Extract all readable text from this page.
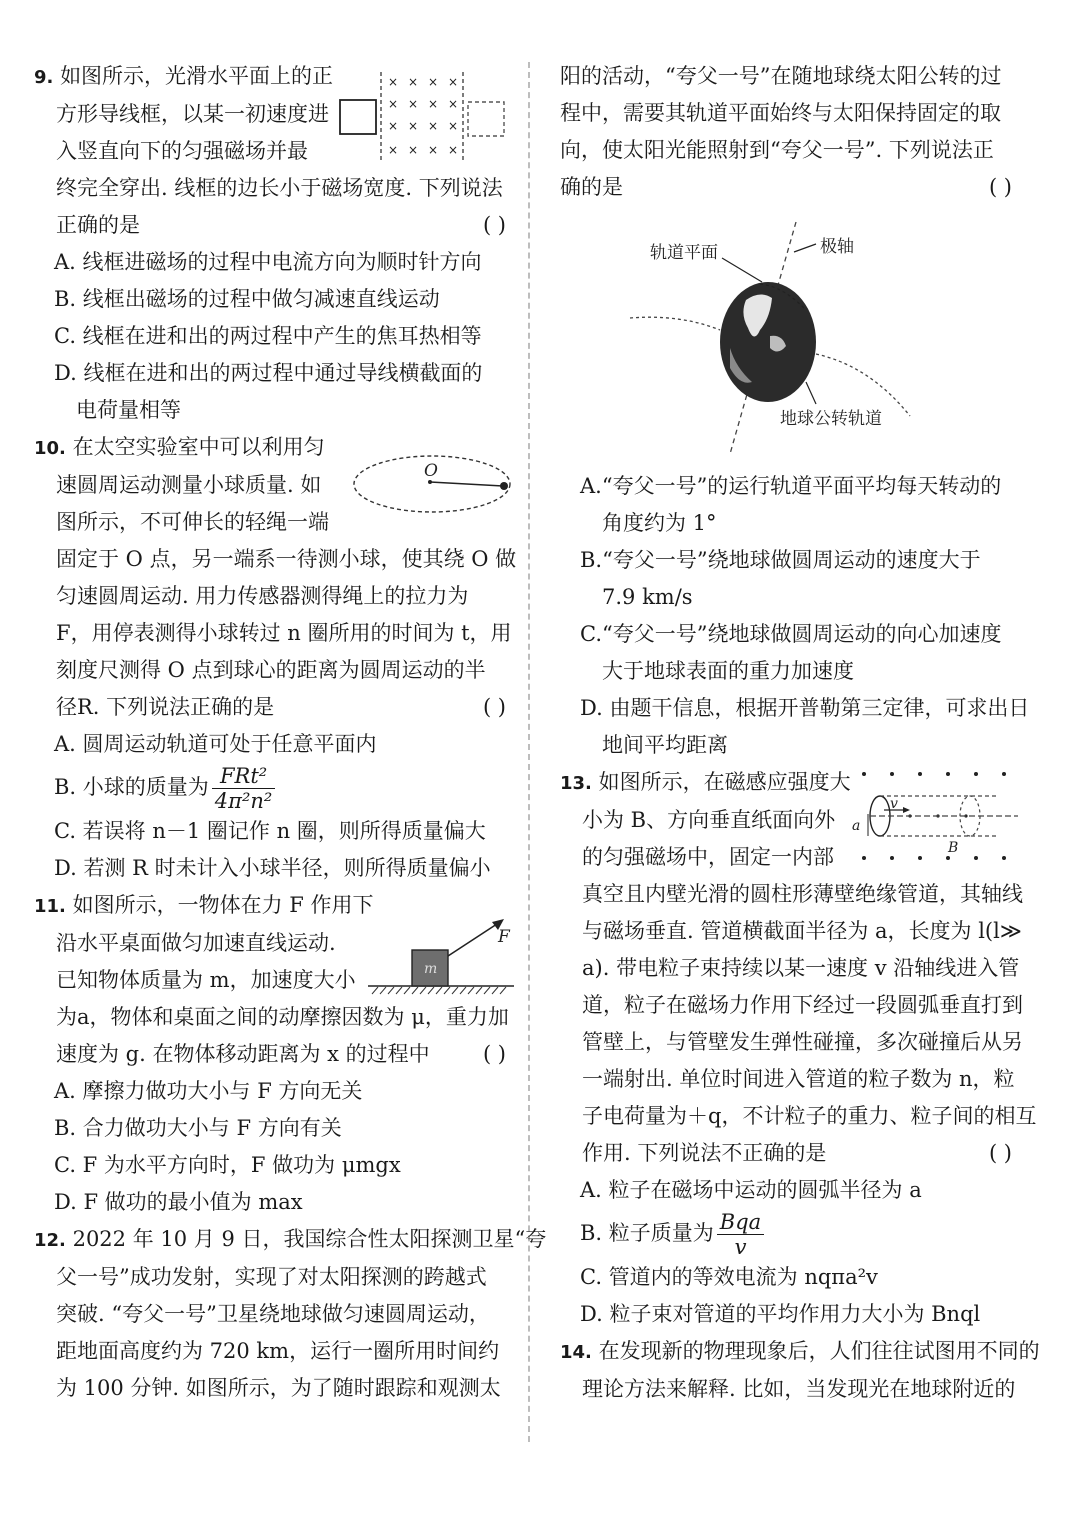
9. 如图所示，光滑水平面上的正
方形导线框，以某一初速度进
入竖直向下的匀强磁场并最
终完全穿出. 线框的边长小于磁场宽度. 下列说法
正确的是	( )
A. 线框进磁场的过程中电流方向为顺时针方向
B. 线框出磁场的过程中做匀减速直线运动
C. 线框在进和出的两过程中产生的焦耳热相等
D. 线框在进和出的两过程中通过导线横截面的
电荷量相等
10. 在太空实验室中可以利用匀
速圆周运动测量小球质量. 如
图所示，不可伸长的轻绳一端
固定于 O 点，另一端系一待测小球，使其绕 O 做
匀速圆周运动. 用力传感器测得绳上的拉力为
F，用停表测得小球转过 n 圈所用的时间为 t，用
刻度尺测得 O 点到球心的距离为圆周运动的半
径R. 下列说法正确的是	( )
A. 圆周运动轨道可处于任意平面内
B. 小球的质量为 $\frac{\text{FRt²}}{\text{4π²n²}}$
C. 若误将 n－1 圈记作 n 圈，则所得质量偏大
D. 若测 R 时未计入小球半径，则所得质量偏小
11. 如图所示，一物体在力 F 作用下
沿水平桌面做匀加速直线运动.
已知物体质量为 m，加速度大小
为a，物体和桌面之间的动摩擦因数为 μ，重力加
速度为 g. 在物体移动距离为 x 的过程中	( )
A. 摩擦力做功大小与 F 方向无关
B. 合力做功大小与 F 方向有关
C. F 为水平方向时，F 做功为 μmgx
D. F 做功的最小值为 max
12. 2022 年 10 月 9 日，我国综合性太阳探测卫星“夸
父一号”成功发射，实现了对太阳探测的跨越式
突破. “夸父一号”卫星绕地球做匀速圆周运动，
距地面高度约为 720 km，运行一圈所用时间约
为 100 分钟. 如图所示，为了随时跟踪和观测太
× × × ×
× × × ×
× × × ×
× × × ×
O
m
F
阳的活动，“夸父一号”在随地球绕太阳公转的过
程中，需要其轨道平面始终与太阳保持固定的取
向，使太阳光能照射到“夸父一号”. 下列说法正
确的是	( )
A.“夸父一号”的运行轨道平面平均每天转动的
角度约为 1°
B.“夸父一号”绕地球做圆周运动的速度大于
7.9 km/s
C.“夸父一号”绕地球做圆周运动的向心加速度
大于地球表面的重力加速度
D. 由题干信息，根据开普勒第三定律，可求出日
地间平均距离
13. 如图所示，在磁感应强度大
小为 B、方向垂直纸面向外
的匀强磁场中，固定一内部
真空且内壁光滑的圆柱形薄壁绝缘管道，其轴线
与磁场垂直. 管道横截面半径为 a，长度为 l(l≫
a). 带电粒子束持续以某一速度 v 沿轴线进入管
道，粒子在磁场力作用下经过一段圆弧垂直打到
管壁上，与管壁发生弹性碰撞，多次碰撞后从另
一端射出. 单位时间进入管道的粒子数为 n，粒
子电荷量为＋q，不计粒子的重力、粒子间的相互
作用. 下列说法不正确的是	( )
A. 粒子在磁场中运动的圆弧半径为 a
B. 粒子质量为 $\frac{\text{Bqa}}{v}$
C. 管道内的等效电流为 nqπa²v
D. 粒子束对管道的平均作用力大小为 Bnql
14. 在发现新的物理现象后，人们往往试图用不同的
理论方法来解释. 比如，当发现光在地球附近的
轨道平面	极轴
地球公转轨道
v
a
B
